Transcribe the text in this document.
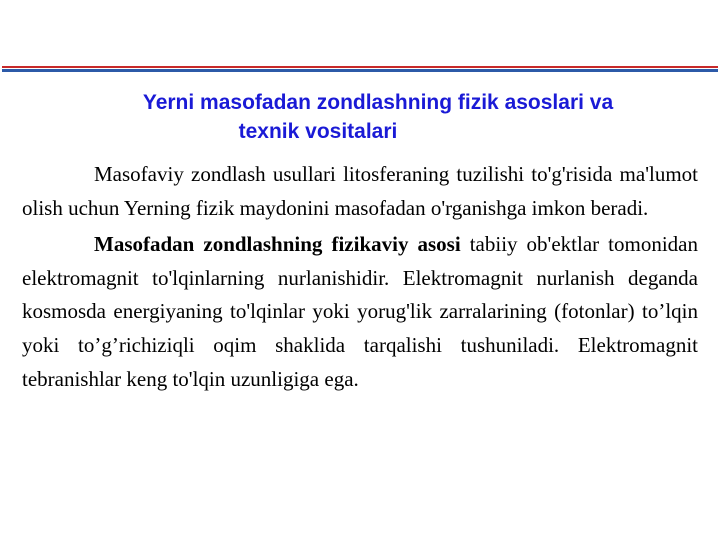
Yerni masofadan zondlashning fizik asoslari va
texnik vositalari

Masofaviy zondlash usullari litosferaning tuzilishi to'g'risida ma'lumot olish uchun Yerning fizik maydonini masofadan o'rganishga imkon beradi.

Masofadan zondlashning fizikaviy asosi tabiiy ob'ektlar tomonidan elektromagnit to'lqinlarning nurlanishidir. Elektromagnit nurlanish deganda kosmosda energiyaning to'lqinlar yoki yorug'lik zarralarining (fotonlar) to’lqin yoki to’g’richiziqli oqim shaklida tarqalishi tushuniladi. Elektromagnit tebranishlar keng to'lqin uzunligiga ega.
